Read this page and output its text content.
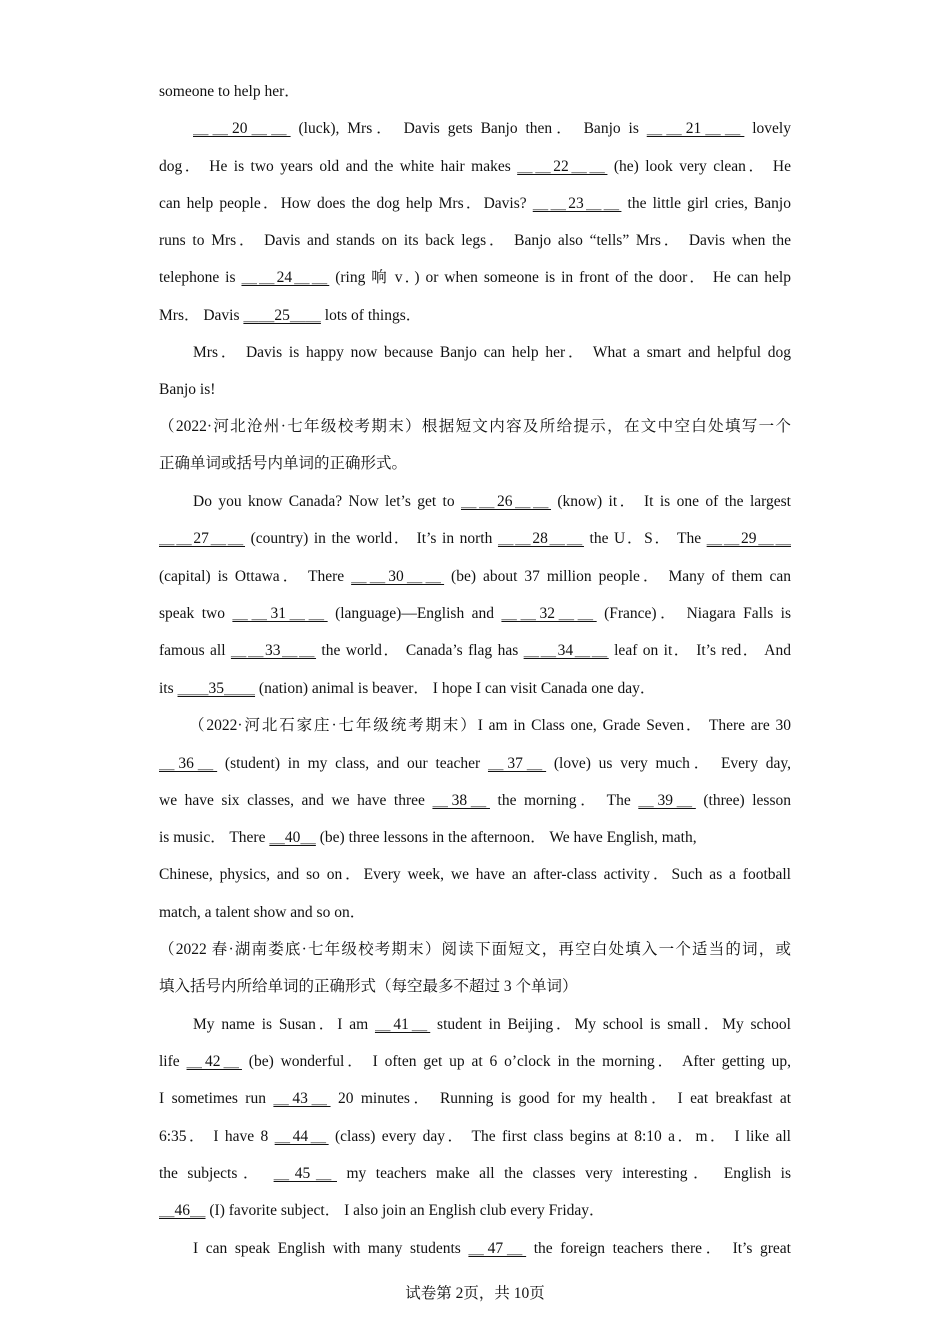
someone to help her．
＿＿20＿＿ (luck), Mrs． Davis gets Banjo then． Banjo is ＿＿21＿＿ lovely
dog． He is two years old and the white hair makes ＿＿22＿＿ (he) look very clean． He
can help people．How does the dog help Mrs．Davis? ＿＿23＿＿ the little girl cries, Banjo
runs to Mrs． Davis and stands on its back legs． Banjo also “tells” Mrs． Davis when the
telephone is ＿＿24＿＿ (ring 响 v．) or when someone is in front of the door． He can help
Mrs． Davis ＿＿25＿＿ lots of things．
Mrs． Davis is happy now because Banjo can help her． What a smart and helpful dog
Banjo is!
（2022·河北沧州·七年级校考期末）根据短文内容及所给提示，在文中空白处填写一个
正确单词或括号内单词的正确形式。
Do you know Canada? Now let’s get to ＿＿26＿＿ (know) it． It is one of the largest
＿＿27＿＿ (country) in the world． It’s in north ＿＿28＿＿ the U．S． The ＿＿29＿＿
(capital) is Ottawa． There ＿＿30＿＿ (be) about 37 million people． Many of them can
speak two ＿＿31＿＿ (language)—English and ＿＿32＿＿ (France)． Niagara Falls is
famous all ＿＿33＿＿ the world． Canada’s flag has ＿＿34＿＿ leaf on it． It’s red． And
its ＿＿35＿＿ (nation) animal is beaver． I hope I can visit Canada one day．
（2022·河北石家庄·七年级统考期末）I am in Class one, Grade Seven． There are 30
＿36＿ (student) in my class, and our teacher ＿37＿ (love) us very much． Every day,
we have six classes, and we have three ＿38＿ the morning． The ＿39＿ (three) lesson
is music． There ＿40＿ (be) three lessons in the afternoon． We have English, math,
Chinese, physics, and so on．Every week, we have an after-class activity．Such as a football
match, a talent show and so on．
（2022 春·湖南娄底·七年级校考期末）阅读下面短文，再空白处填入一个适当的词，或
填入括号内所给单词的正确形式（每空最多不超过 3 个单词）
My name is Susan．I am ＿41＿ student in Beijing．My school is small．My school
life ＿42＿ (be) wonderful． I often get up at 6 o’clock in the morning． After getting up,
I sometimes run ＿43＿ 20 minutes． Running is good for my health． I eat breakfast at
6:35． I have 8 ＿44＿ (class) every day． The first class begins at 8:10 a．m． I like all
the subjects． ＿45＿ my teachers make all the classes very interesting． English is
＿46＿ (I) favorite subject． I also join an English club every Friday．
I can speak English with many students ＿47＿ the foreign teachers there． It’s great
试卷第 2页，共 10页
